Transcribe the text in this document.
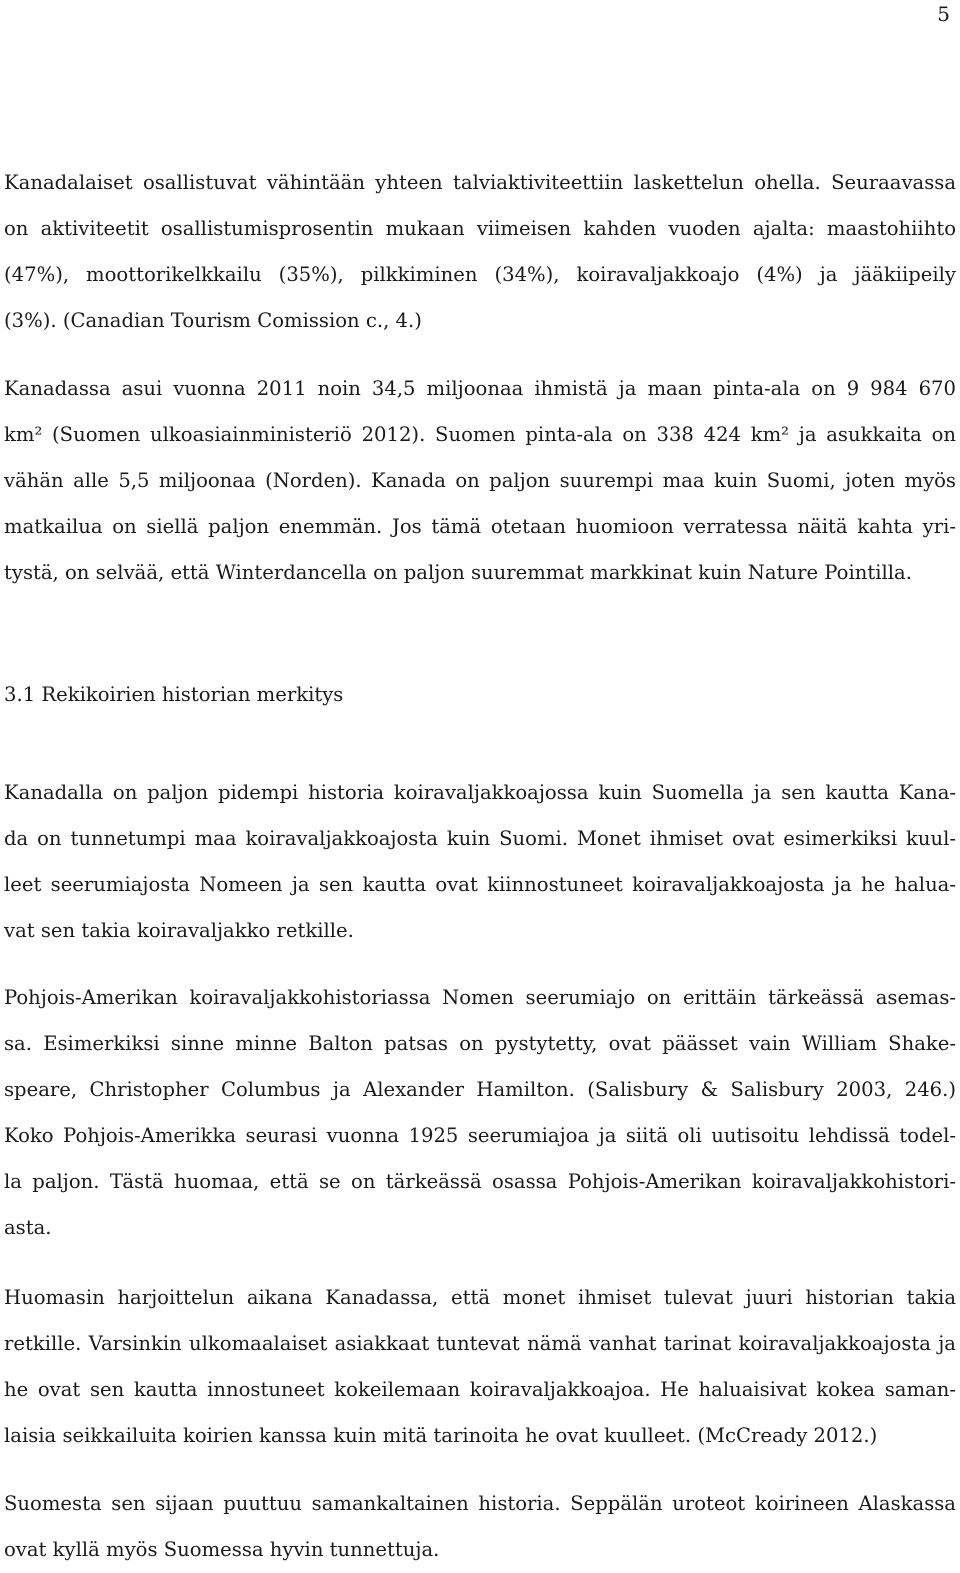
5
Kanadalaiset osallistuvat vähintään yhteen talviaktiviteettiin laskettelun ohella. Seuraavassa
on aktiviteetit osallistumisprosentin mukaan viimeisen kahden vuoden ajalta: maastohiihto
(47%), moottorikelkkailu (35%), pilkkiminen (34%), koiravaljakkoajo (4%) ja jääkiipeily
(3%). (Canadian Tourism Comission c., 4.)
Kanadassa asui vuonna 2011 noin 34,5 miljoonaa ihmistä ja maan pinta-ala on 9 984 670
km² (Suomen ulkoasiainministeriö 2012). Suomen pinta-ala on 338 424 km² ja asukkaita on
vähän alle 5,5 miljoonaa (Norden). Kanada on paljon suurempi maa kuin Suomi, joten myös
matkailua on siellä paljon enemmän. Jos tämä otetaan huomioon verratessa näitä kahta yri-
tystä, on selvää, että Winterdancella on paljon suuremmat markkinat kuin Nature Pointilla.
3.1 Rekikoirien historian merkitys
Kanadalla on paljon pidempi historia koiravaljakkoajossa kuin Suomella ja sen kautta Kana-
da on tunnetumpi maa koiravaljakkoajosta kuin Suomi. Monet ihmiset ovat esimerkiksi kuul-
leet seerumiajosta Nomeen ja sen kautta ovat kiinnostuneet koiravaljakkoajosta ja he halua-
vat sen takia koiravaljakko retkille.
Pohjois-Amerikan koiravaljakkohistoriassa Nomen seerumiajo on erittäin tärkeässä asemas-
sa. Esimerkiksi sinne minne Balton patsas on pystytetty, ovat päässet vain William Shake-
speare, Christopher Columbus ja Alexander Hamilton. (Salisbury & Salisbury 2003, 246.)
Koko Pohjois-Amerikka seurasi vuonna 1925 seerumiajoa ja siitä oli uutisoitu lehdissä todel-
la paljon. Tästä huomaa, että se on tärkeässä osassa Pohjois-Amerikan koiravaljakkohistori-
asta.
Huomasin harjoittelun aikana Kanadassa, että monet ihmiset tulevat juuri historian takia
retkille. Varsinkin ulkomaalaiset asiakkaat tuntevat nämä vanhat tarinat koiravaljakkoajosta ja
he ovat sen kautta innostuneet kokeilemaan koiravaljakkoajoa. He haluaisivat kokea saman-
laisia seikkailuita koirien kanssa kuin mitä tarinoita he ovat kuulleet. (McCready 2012.)
Suomesta sen sijaan puuttuu samankaltainen historia. Seppälän uroteot koirineen Alaskassa
ovat kyllä myös Suomessa hyvin tunnettuja.
